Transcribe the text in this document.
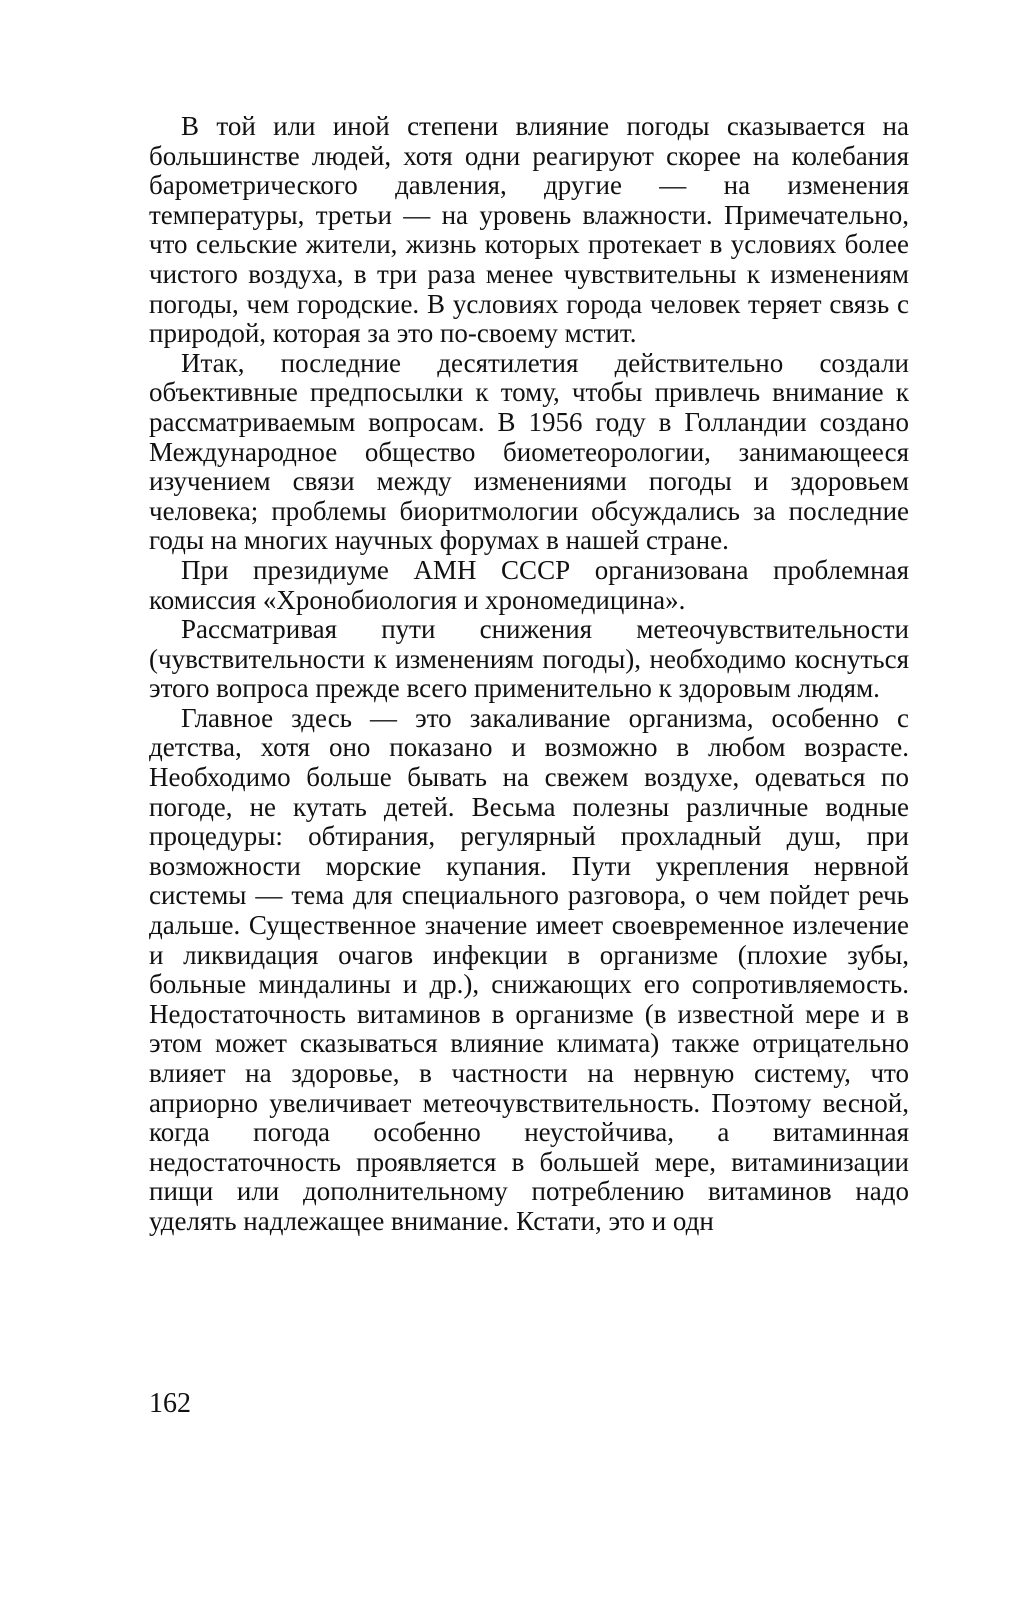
В той или иной степени влияние погоды сказывается на большинстве людей, хотя одни реагируют скорее на колебания барометрического давления, другие — на изменения температуры, третьи — на уровень влажности. Примечательно, что сельские жители, жизнь которых протекает в условиях более чистого воздуха, в три раза менее чувствительны к изменениям погоды, чем городские. В условиях города человек теряет связь с природой, которая за это по-своему мстит.

Итак, последние десятилетия действительно создали объективные предпосылки к тому, чтобы привлечь внимание к рассматриваемым вопросам. В 1956 году в Голландии создано Международное общество биометеорологии, занимающееся изучением связи между изменениями погоды и здоровьем человека; проблемы биоритмологии обсуждались за последние годы на многих научных форумах в нашей стране.

При президиуме АМН СССР организована проблемная комиссия «Хронобиология и хрономедицина».

Рассматривая пути снижения метеочувствительности (чувствительности к изменениям погоды), необходимо коснуться этого вопроса прежде всего применительно к здоровым людям.

Главное здесь — это закаливание организма, особенно с детства, хотя оно показано и возможно в любом возрасте. Необходимо больше бывать на свежем воздухе, одеваться по погоде, не кутать детей. Весьма полезны различные водные процедуры: обтирания, регулярный прохладный душ, при возможности морские купания. Пути укрепления нервной системы — тема для специального разговора, о чем пойдет речь дальше. Существенное значение имеет своевременное излечение и ликвидация очагов инфекции в организме (плохие зубы, больные миндалины и др.), снижающих его сопротивляемость. Недостаточность витаминов в организме (в известной мере и в этом может сказываться влияние климата) также отрицательно влияет на здоровье, в частности на нервную систему, что априорно увеличивает метеочувствительность. Поэтому весной, когда погода особенно неустойчива, а витаминная недостаточность проявляется в большей мере, витаминизации пищи или дополнительному потреблению витаминов надо уделять надлежащее внимание. Кстати, это и одн

162
